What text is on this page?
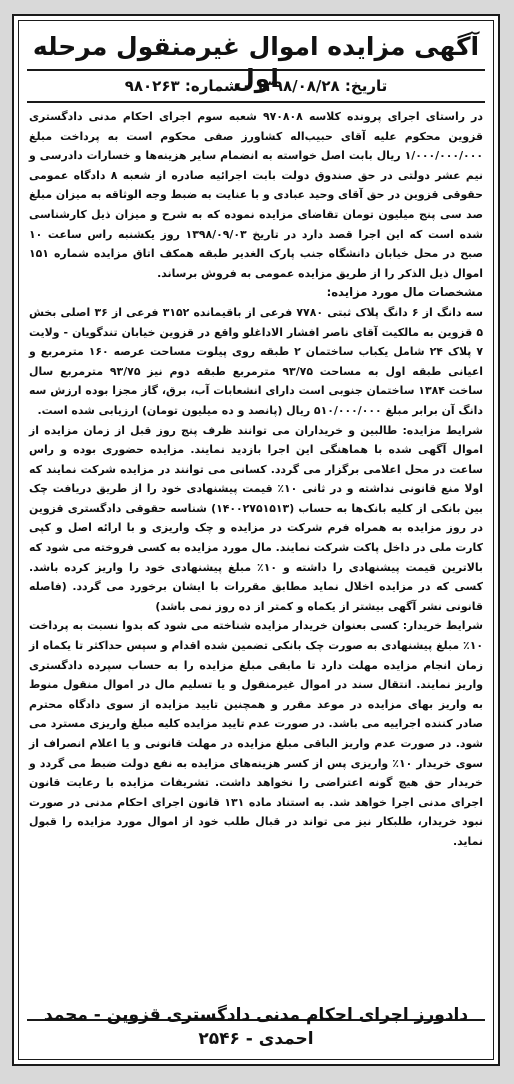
آگهی مزایده اموال غیرمنقول مرحله اول
تاریخ: ۱۳۹۸/۰۸/۲۸ - شماره: ۹۸۰۲۶۳

در راستای اجرای پرونده کلاسه ۹۷۰۸۰۸ شعبه سوم اجرای احکام مدنی دادگستری قزوین محکوم علیه آقای حبیب‌اله کشاورز صفی محکوم است به پرداخت مبلغ ۱/۰۰۰/۰۰۰/۰۰۰ ریال بابت اصل خواسته به انضمام سایر هزینه‌ها و خسارات دادرسی و نیم عشر دولتی در حق صندوق دولت بابت اجرائیه صادره از شعبه ۸ دادگاه عمومی حقوقی قزوین در حق آقای وحید عبادی و با عنایت به ضبط وجه الوثاقه به میزان مبلغ صد سی پنج میلیون تومان تقاضای مزایده نموده که به شرح و میزان ذیل کارشناسی شده است که این اجرا قصد دارد در تاریخ ۱۳۹۸/۰۹/۰۳ روز یکشنبه راس ساعت ۱۰ صبح در محل خیابان دانشگاه جنب پارک الغدیر طبقه همکف اتاق مزایده شماره ۱۵۱ اموال ذیل الذکر را از طریق مزایده عمومی به فروش برساند.

مشخصات مال مورد مزایده:

سه دانگ از ۶ دانگ پلاک ثبتی ۷۷۸۰ فرعی از باقیمانده ۳۱۵۲ فرعی از ۳۶ اصلی بخش ۵ قزوین به مالکیت آقای ناصر افشار الاداغلو واقع در قزوین خیابان تندگویان - ولایت ۷ پلاک ۲۴ شامل یکباب ساختمان ۲ طبقه روی پیلوت مساحت عرصه ۱۶۰ مترمربع و اعیانی طبقه اول به مساحت ۹۳/۷۵ مترمربع طبقه دوم نیز ۹۳/۷۵ مترمربع سال ساخت ۱۳۸۴ ساختمان جنوبی است دارای انشعابات آب، برق، گاز مجزا بوده ارزش سه دانگ آن برابر مبلغ ۵۱۰/۰۰۰/۰۰۰ ریال (پانصد و ده میلیون تومان) ارزیابی شده است.

شرایط مزایده: طالبین و خریداران می توانند ظرف پنج روز قبل از زمان مزایده از اموال آگهی شده با هماهنگی این اجرا بازدید نمایند. مزایده حضوری بوده و راس ساعت در محل اعلامی برگزار می گردد. کسانی می توانند در مزایده شرکت نمایند که اولا منع قانونی نداشته و در ثانی ۱۰٪ قیمت پیشنهادی خود را از طریق دریافت چک بین بانکی از کلیه بانک‌ها به حساب (۱۴۰۰۲۷۵۱۵۱۳) شناسه حقوقی دادگستری قزوین در روز مزایده به همراه فرم شرکت در مزایده و چک واریزی و با ارائه اصل و کپی کارت ملی در داخل پاکت شرکت نمایند. مال مورد مزایده به کسی فروخته می شود که بالاترین قیمت پیشنهادی را داشته و ۱۰٪ مبلغ پیشنهادی خود را واریز کرده باشد. کسی که در مزایده اخلال نماید مطابق مقررات با ایشان برخورد می گردد. (فاصله قانونی نشر آگهی بیشتر از یکماه و کمتر از ده روز نمی باشد)

شرایط خریدار: کسی بعنوان خریدار مزایده شناخته می شود که بدوا نسبت به پرداخت ۱۰٪ مبلغ پیشنهادی به صورت چک بانکی تضمین شده اقدام و سپس حداکثر تا یکماه از زمان انجام مزایده مهلت دارد تا مابقی مبلغ مزایده را به حساب سپرده دادگستری واریز نمایند. انتقال سند در اموال غیرمنقول و یا تسلیم مال در اموال منقول منوط به واریز بهای مزایده در موعد مقرر و همچنین تایید مزایده از سوی دادگاه محترم صادر کننده اجراییه می باشد. در صورت عدم تایید مزایده کلیه مبلغ واریزی مسترد می شود. در صورت عدم واریز الباقی مبلغ مزایده در مهلت قانونی و یا اعلام انصراف از سوی خریدار ۱۰٪ واریزی پس از کسر هزینه‌های مزایده به نفع دولت ضبط می گردد و خریدار حق هیچ گونه اعتراضی را نخواهد داشت. تشریفات مزایده با رعایت قانون اجرای مدنی اجرا خواهد شد. به استناد ماده ۱۳۱ قانون اجرای احکام مدنی در صورت نبود خریدار، طلبکار نیز می تواند در قبال طلب خود از اموال مورد مزایده را قبول نماید.

دادورز اجرای احکام مدنی دادگستری قزوین - محمد احمدی - ۲۵۴۶
